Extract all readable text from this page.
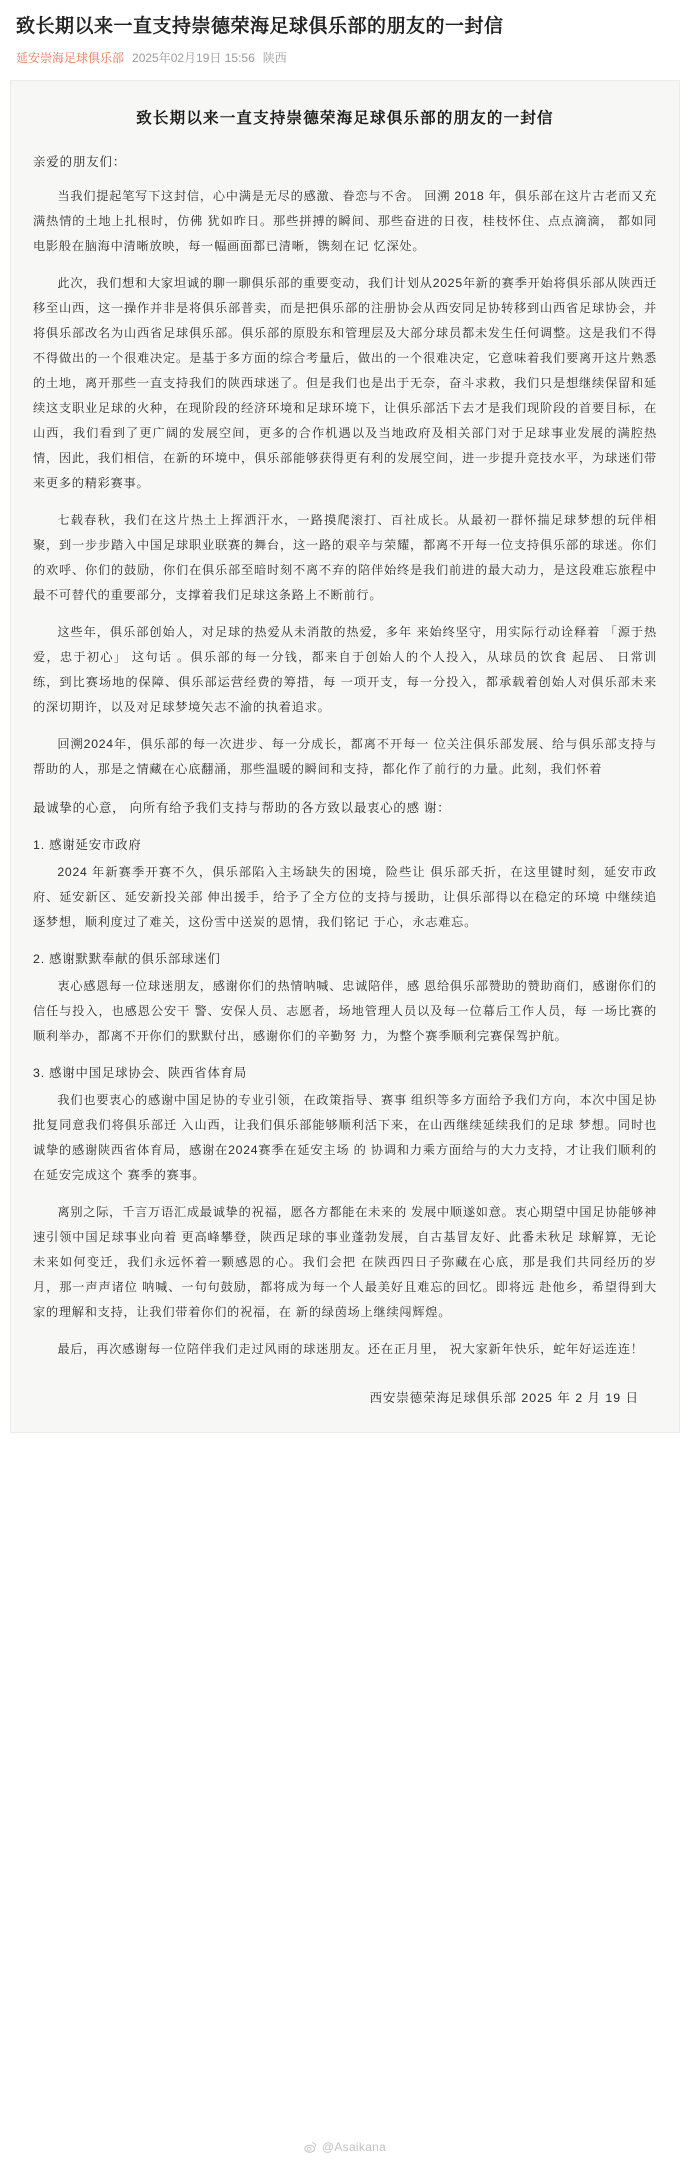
致长期以来一直支持崇德荣海足球俱乐部的朋友的一封信
延安崇海足球俱乐部 2025年02月19日 15:56 陕西
致长期以来一直支持崇德荣海足球俱乐部的朋友的一封信
亲爱的朋友们：

当我们提起笔写下这封信，心中满是无尽的感激、眷恋与不舍。 回溯 2018 年，俱乐部在这片古老而又充满热情的土地上扎根时，仿佛 犹如昨日。那些拼搏的瞬间、那些奋进的日夜，桂枝怀住、点点滴滴， 都如同电影般在脑海中清晰放映，每一幅画面都已清晰，镌刻在记 忆深处。

此次，我们想和大家坦诚的聊一聊俱乐部的重要变动，我们计划从2025年新的赛季开始将俱乐部从陕西迁移至山西，这一操作并非是将俱乐部普卖，而是把俱乐部的注册协会从西安同足协转移到山西省足球协会，并将俱乐部改名为山西省足球俱乐部。俱乐部的原股东和管理层及大部分球员都未发生任何调整。这是我们不得不得做出的一个很难决定。是基于多方面的综合考量后，做出的一个很难决定，它意味着我们要离开这片熟悉的土地，离开那些一直支持我们的陕西球迷了。但是我们也是出于无奈，奋斗求救，我们只是想继续保留和延续这支职业足球的火种，在现阶段的经济环境和足球环境下，让俱乐部活下去才是我们现阶段的首要目标，在山西，我们看到了更广阔的发展空间，更多的合作机遇以及当地政府及相关部门对于足球事业发展的满腔热情，因此，我们相信，在新的环境中，俱乐部能够获得更有利的发展空间，进一步提升竞技水平，为球迷们带来更多的精彩赛事。

七载春秋，我们在这片热土上挥洒汗水，一路摸爬滚打、百社成长。从最初一群怀揣足球梦想的玩伴相聚，到一步步踏入中国足球职业联赛的舞台，这一路的艰辛与荣耀，都离不开每一位支持俱乐部的球迷。你们的欢呼、你们的鼓励，你们在俱乐部至暗时刻不离不弃的陪伴始终是我们前进的最大动力，是这段难忘旅程中最不可替代的重要部分，支撑着我们足球这条路上不断前行。

这些年，俱乐部创始人，对足球的热爱从未消散的热爱，多年 来始终坚守，用实际行动诠释着 「源于热爱，忠于初心」 这句话 。俱乐部的每一分钱，都来自于创始人的个人投入，从球员的饮食 起居、 日常训练，到比赛场地的保障、俱乐部运营经费的筹措，每 一项开支，每一分投入，都承载着创始人对俱乐部未来的深切期许，以及对足球梦境矢志不渝的执着追求。

回溯2024年，俱乐部的每一次进步、每一分成长，都离不开每一 位关注俱乐部发展、给与俱乐部支持与帮助的人，那是之情藏在心底翻涌，那些温暖的瞬间和支持，都化作了前行的力量。此刻，我们怀着

最诚挚的心意， 向所有给予我们支持与帮助的各方致以最衷心的感 谢：
1. 感谢延安市政府

2024 年新赛季开赛不久，俱乐部陷入主场缺失的困境，险些让 俱乐部夭折，在这里键时刻，延安市政府、延安新区、延安新投关部 伸出援手，给予了全方位的支持与援助，让俱乐部得以在稳定的环境 中继续追逐梦想，顺利度过了难关，这份雪中送炭的恩情，我们铭记 于心，永志难忘。

2. 感谢默默奉献的俱乐部球迷们

衷心感恩每一位球迷朋友，感谢你们的热情呐喊、忠诚陪伴，感 恩给俱乐部赞助的赞助商们，感谢你们的信任与投入，也感恩公安干 警、安保人员、志愿者，场地管理人员以及每一位幕后工作人员，每 一场比赛的顺利举办，都离不开你们的默默付出，感谢你们的辛勤努 力，为整个赛季顺利完赛保驾护航。

3. 感谢中国足球协会、陕西省体育局

我们也要衷心的感谢中国足协的专业引领，在政策指导、赛事 组织等多方面给予我们方向，本次中国足协批复同意我们将俱乐部迁 入山西，让我们俱乐部能够顺利活下来，在山西继续延续我们的足球 梦想。同时也诚挚的感谢陕西省体育局，感谢在2024赛季在延安主场 的 协调和力乘方面给与的大力支持，才让我们顺利的在延安完成这个 赛季的赛事。

离别之际，千言万语汇成最诚挚的祝福，愿各方都能在未来的 发展中顺遂如意。衷心期望中国足协能够神速引领中国足球事业向着 更高峰攀登，陕西足球的事业蓬勃发展，自古基冒友好、此番未秋足 球解算，无论未来如何变迁，我们永远怀着一颗感恩的心。我们会把 在陕西四日子弥藏在心底，那是我们共同经历的岁月，那一声声诸位 呐喊、一句句鼓励，都将成为每一个人最美好且难忘的回忆。即将远 赴他乡，希望得到大家的理解和支持，让我们带着你们的祝福，在 新的绿茵场上继续闯辉煌。

最后，再次感谢每一位陪伴我们走过风雨的球迷朋友。还在正月里， 祝大家新年快乐，蛇年好运连连！

西安崇德荣海足球俱乐部 2025 年 2 月 19 日
@Asaikana
